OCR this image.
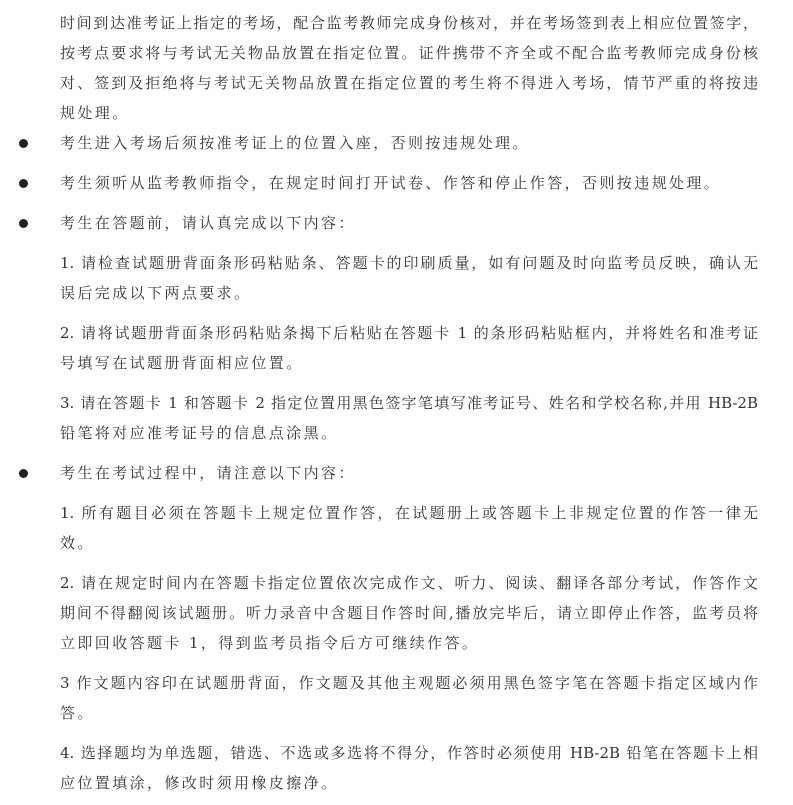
时间到达准考证上指定的考场，配合监考教师完成身份核对，并在考场签到表上相应位置签字，
按考点要求将与考试无关物品放置在指定位置。证件携带不齐全或不配合监考教师完成身份核
对、签到及拒绝将与考试无关物品放置在指定位置的考生将不得进入考场，情节严重的将按违
规处理。
考生进入考场后须按准考证上的位置入座，否则按违规处理。
考生须听从监考教师指令，在规定时间打开试卷、作答和停止作答，否则按违规处理。
考生在答题前，请认真完成以下内容：
1. 请检查试题册背面条形码粘贴条、答题卡的印刷质量，如有问题及时向监考员反映，确认无
误后完成以下两点要求。
2. 请将试题册背面条形码粘贴条揭下后粘贴在答题卡 1 的条形码粘贴框内，并将姓名和准考证
号填写在试题册背面相应位置。
3. 请在答题卡 1 和答题卡 2 指定位置用黑色签字笔填写准考证号、姓名和学校名称,并用 HB-2B
铅笔将对应准考证号的信息点涂黑。
考生在考试过程中，请注意以下内容：
1. 所有题目必须在答题卡上规定位置作答，在试题册上或答题卡上非规定位置的作答一律无
效。
2. 请在规定时间内在答题卡指定位置依次完成作文、听力、阅读、翻译各部分考试，作答作文
期间不得翻阅该试题册。听力录音中含题目作答时间,播放完毕后，请立即停止作答，监考员将
立即回收答题卡 1，得到监考员指令后方可继续作答。
3 作文题内容印在试题册背面，作文题及其他主观题必须用黑色签字笔在答题卡指定区域内作
答。
4. 选择题均为单选题，错选、不选或多选将不得分，作答时必须使用 HB-2B 铅笔在答题卡上相
应位置填涂，修改时须用橡皮擦净。
